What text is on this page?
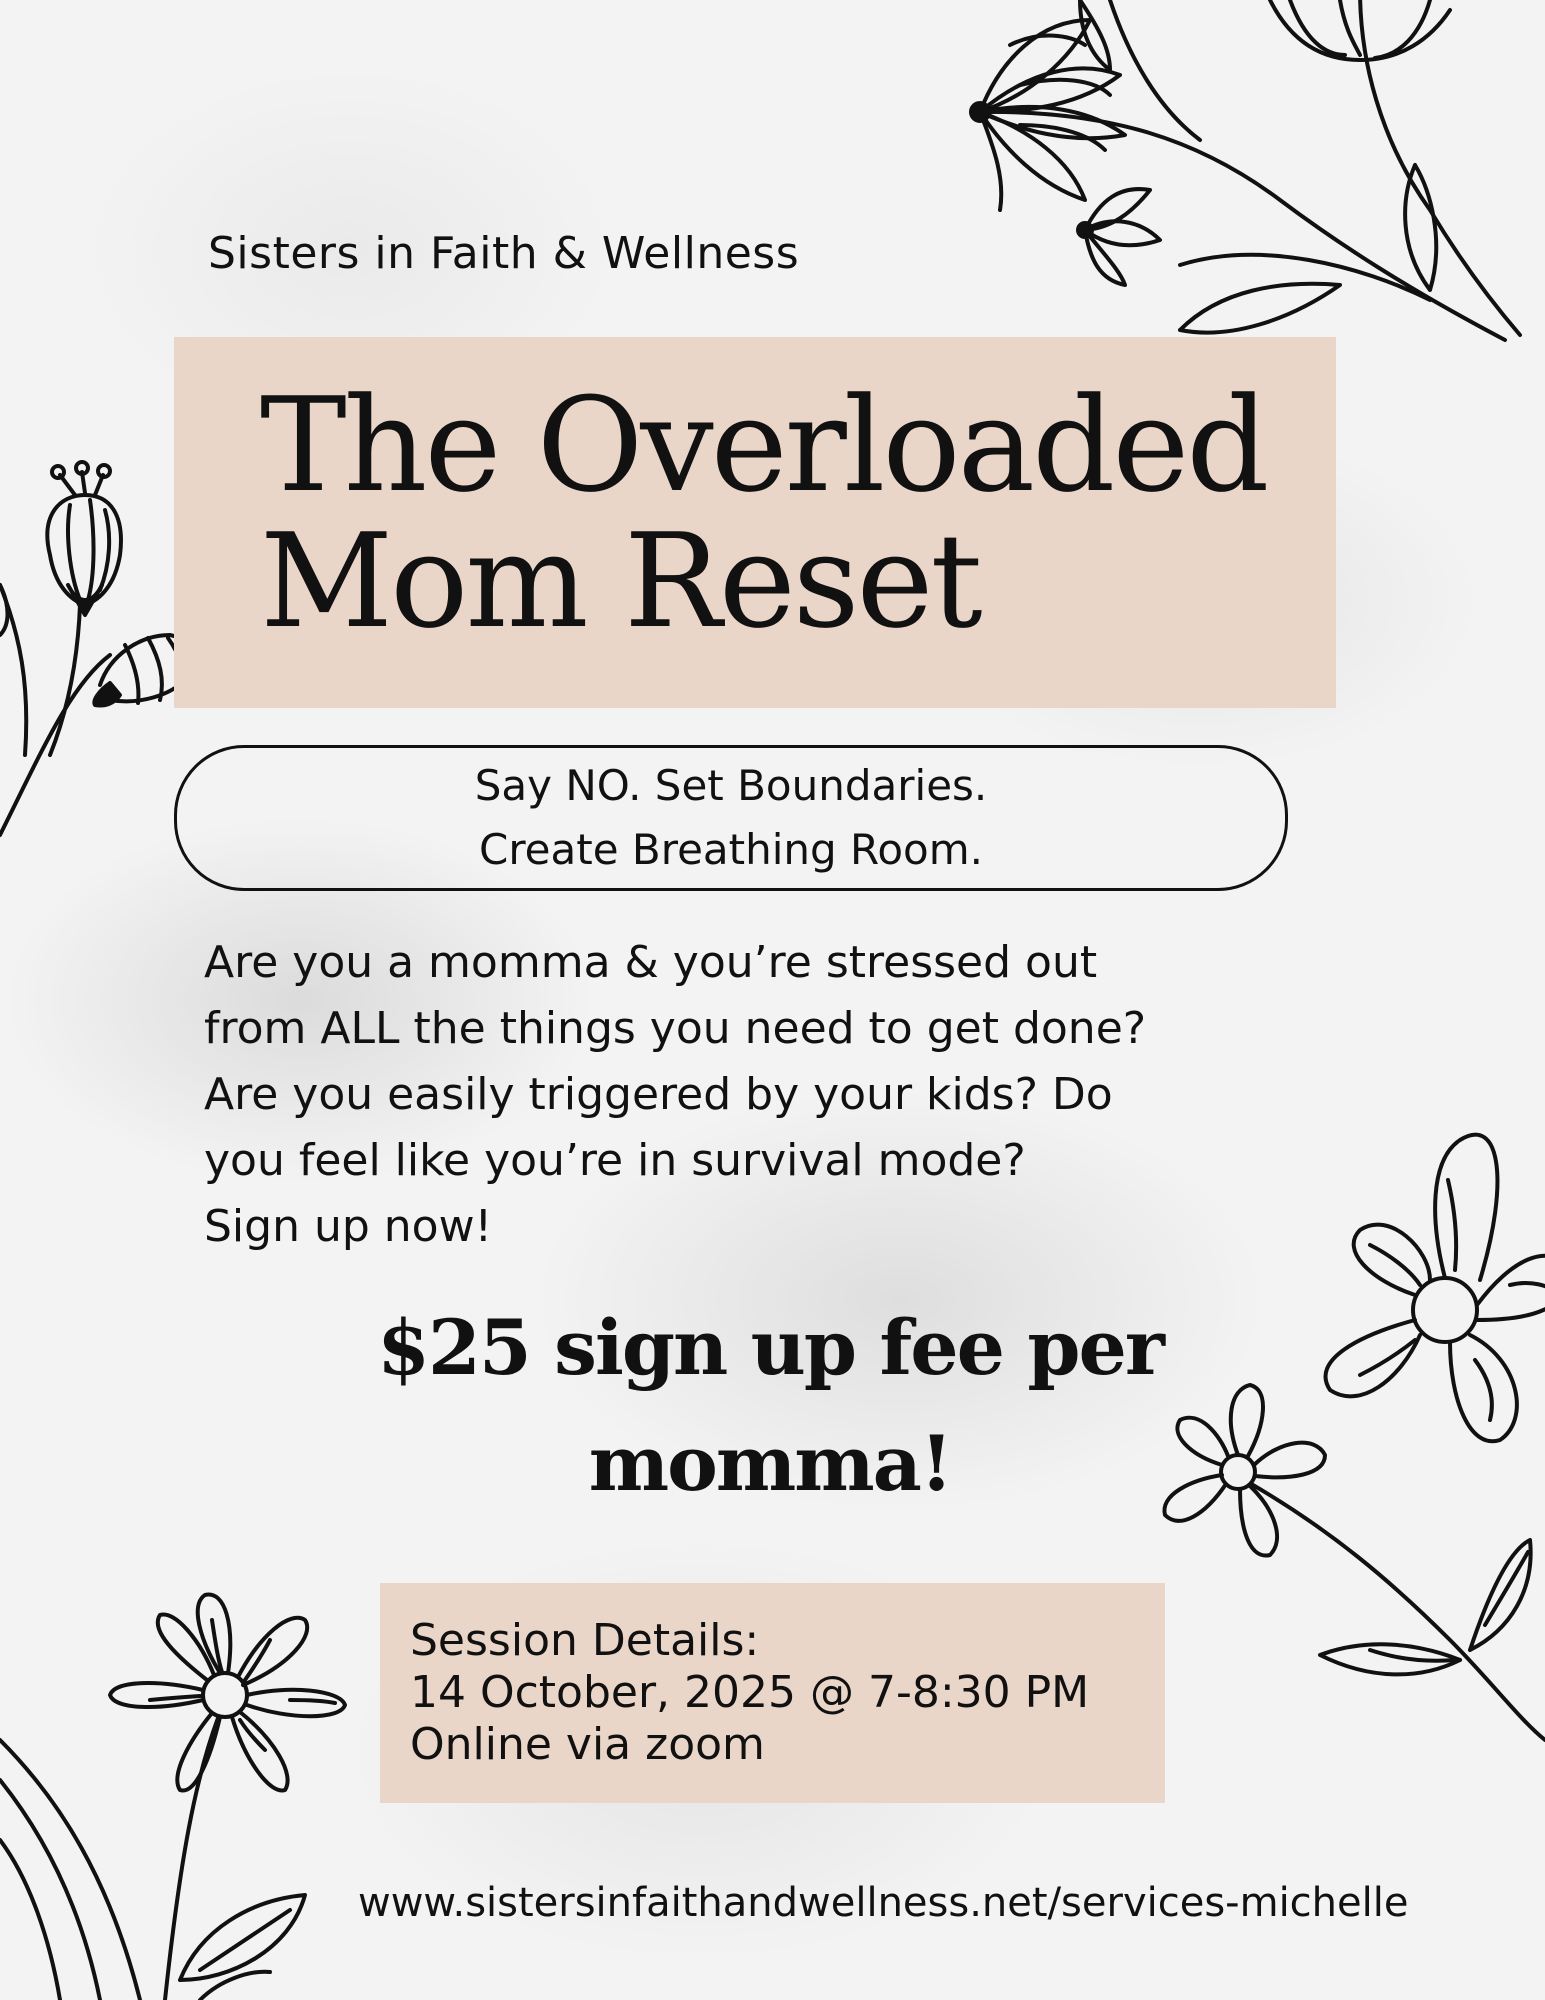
Sisters in Faith & Wellness
The Overloaded
Mom Reset
Say NO. Set Boundaries.
Create Breathing Room.
Are you a momma & you’re stressed out
from ALL the things you need to get done?
Are you easily triggered by your kids? Do
you feel like you’re in survival mode?
Sign up now!
$25 sign up fee per
momma!
Session Details:
14 October, 2025 @ 7-8:30 PM
Online via zoom
www.sistersinfaithandwellness.net/services-michelle
